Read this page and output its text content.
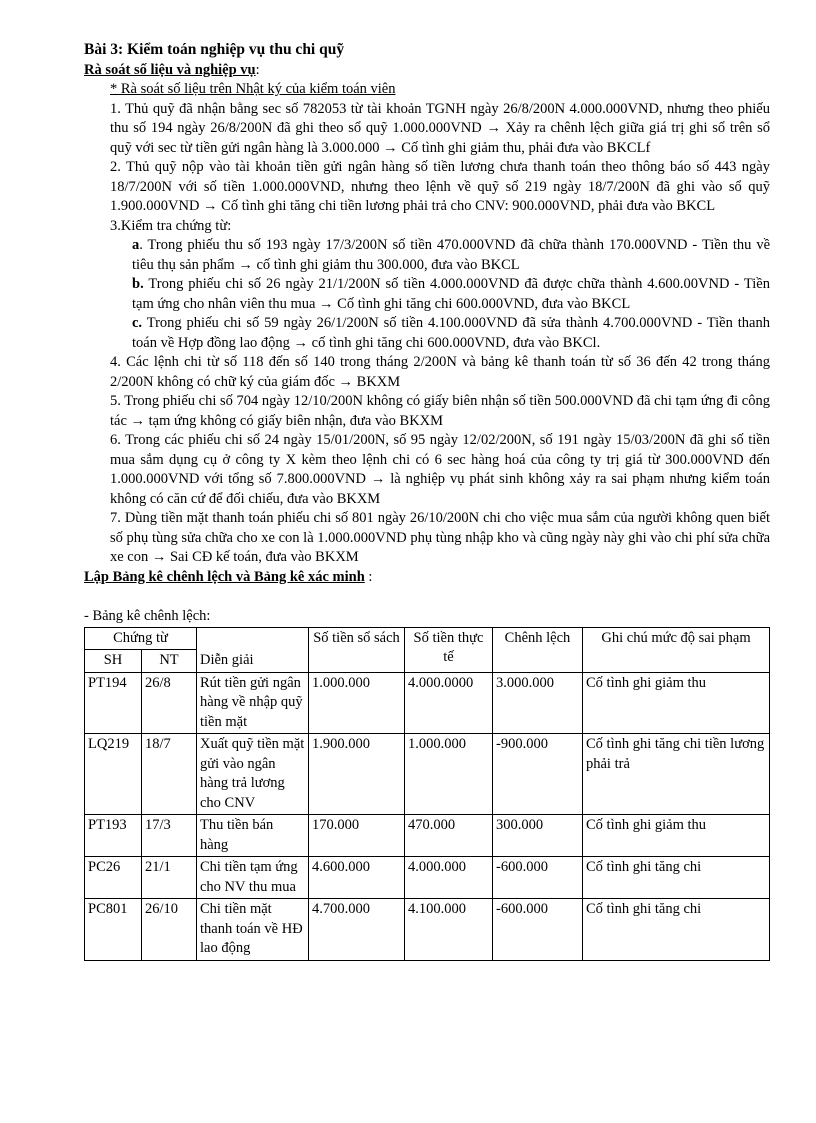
Bài 3: Kiểm toán nghiệp vụ thu chi quỹ
Rà soát số liệu và nghiệp vụ:
* Rà soát số liệu trên Nhật ký của kiểm toán viên
1. Thủ quỹ đã nhận bằng sec số 782053 từ tài khoản TGNH ngày 26/8/200N 4.000.000VND, nhưng theo phiếu thu số 194 ngày 26/8/200N đã ghi theo sổ quỹ 1.000.000VND → Xảy ra chênh lệch giữa giá trị ghi sổ trên sổ quỹ với sec từ tiền gửi ngân hàng là 3.000.000 → Cố tình ghi giảm thu, phải đưa vào BKCLf
2. Thủ quỹ nộp vào tài khoản tiền gửi ngân hàng số tiền lương chưa thanh toán theo thông báo số 443 ngày 18/7/200N với số tiền 1.000.000VND, nhưng theo lệnh về quỹ số 219 ngày 18/7/200N đã ghi vào sổ quỹ 1.900.000VND → Cố tình ghi tăng chi tiền lương phải trả cho CNV: 900.000VND, phải đưa vào BKCL
3.Kiểm tra chứng từ:
a. Trong phiếu thu số 193 ngày 17/3/200N số tiền 470.000VND đã chữa thành 170.000VND - Tiền thu về tiêu thụ sản phẩm → cố tình ghi giảm thu 300.000, đưa vào BKCL
b. Trong phiếu chi số 26 ngày 21/1/200N số tiền 4.000.000VND đã được chữa thành 4.600.00VND - Tiền tạm ứng cho nhân viên thu mua → Cố tình ghi tăng chi 600.000VND, đưa vào BKCL
c. Trong phiếu chi số 59 ngày 26/1/200N số tiền 4.100.000VND đã sửa thành 4.700.000VND - Tiền thanh toán về Hợp đồng lao động → cố tình ghi tăng chi 600.000VND, đưa vào BKCl.
4. Các lệnh chi từ số 118 đến số 140 trong tháng 2/200N và bảng kê thanh toán từ số 36 đến 42 trong tháng 2/200N không có chữ ký của giám đốc → BKXM
5. Trong phiếu chi số 704 ngày 12/10/200N không có giấy biên nhận số tiền 500.000VND đã chi tạm ứng đi công tác → tạm ứng không có giấy biên nhận, đưa vào BKXM
6. Trong các phiếu chi số 24 ngày 15/01/200N, số 95 ngày 12/02/200N, số 191 ngày 15/03/200N đã ghi số tiền mua sắm dụng cụ ở công ty X kèm theo lệnh chi có 6 sec hàng hoá của công ty trị giá từ 300.000VND đến 1.000.000VND với tổng số 7.800.000VND → là nghiệp vụ phát sinh không xảy ra sai phạm nhưng kiểm toán không có căn cứ để đối chiếu, đưa vào BKXM
7. Dùng tiền mặt thanh toán phiếu chi số 801 ngày 26/10/200N chi cho việc mua sắm của người không quen biết số phụ tùng sửa chữa cho xe con là 1.000.000VND phụ tùng nhập kho và cũng ngày này ghi vào chi phí sửa chữa xe con → Sai CĐ kế toán, đưa vào BKXM
Lập Bảng kê chênh lệch và Bảng kê xác minh :
- Bảng kê chênh lệch:
Chứng từ		Diễn giải	Số tiền sổ sách	Số tiền thực tế	Chênh lệch	Ghi chú mức độ sai phạm
SH	NT					
PT194	26/8	Rút tiền gửi ngân hàng về nhập quỹ tiền mặt	1.000.000	4.000.0000	3.000.000	Cố tình ghi giảm thu
LQ219	18/7	Xuất quỹ tiền mặt gửi vào ngân hàng trả lương cho CNV	1.900.000	1.000.000	-900.000	Cố tình ghi tăng chi tiền lương phải trả
PT193	17/3	Thu tiền bán hàng	170.000	470.000	300.000	Cố tình ghi giảm thu
PC26	21/1	Chi tiền tạm ứng cho NV thu mua	4.600.000	4.000.000	-600.000	Cố tình ghi tăng chi
PC801	26/10	Chi tiền mặt thanh toán về HĐ lao động	4.700.000	4.100.000	-600.000	Cố tình ghi tăng chi
